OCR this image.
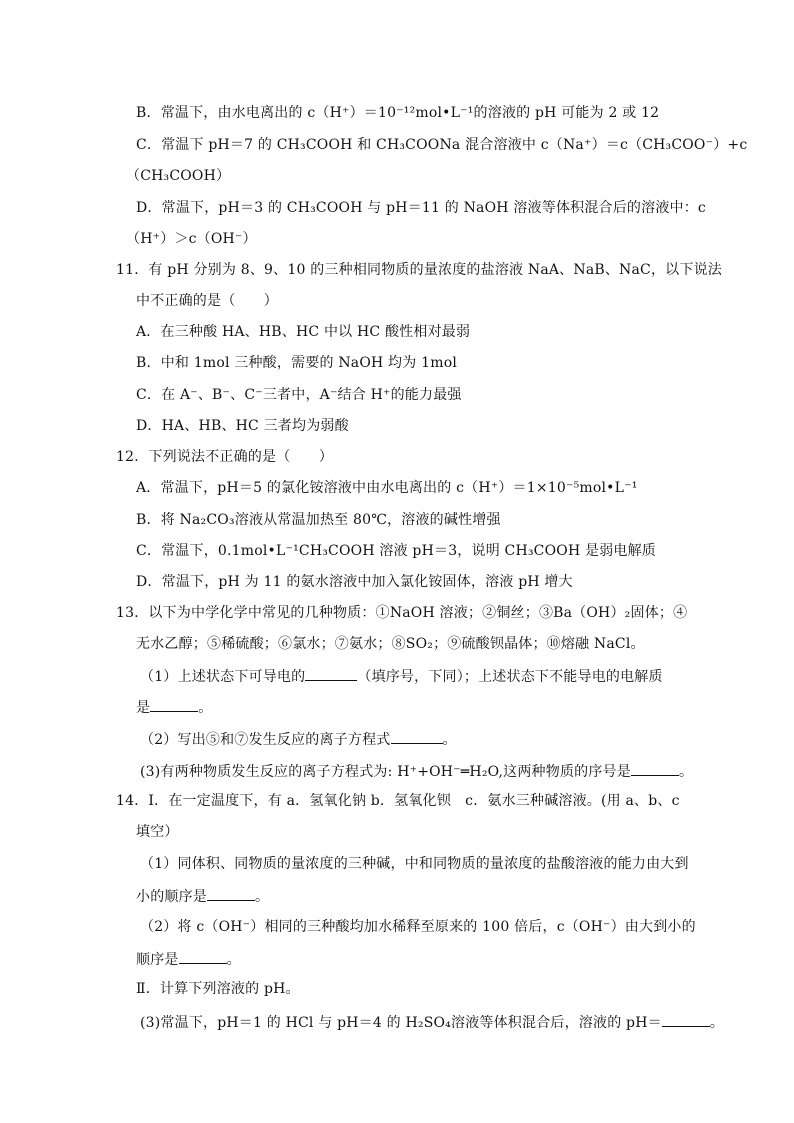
B．常温下，由水电离出的 c（H⁺）＝10⁻¹²mol•L⁻¹的溶液的 pH 可能为 2 或 12
C．常温下 pH＝7 的 CH₃COOH 和 CH₃COONa 混合溶液中 c（Na⁺）＝c（CH₃COO⁻）+c
（CH₃COOH）
D．常温下，pH＝3 的 CH₃COOH 与 pH＝11 的 NaOH 溶液等体积混合后的溶液中：c
（H⁺）＞c（OH⁻）
11．有 pH 分别为 8、9、10 的三种相同物质的量浓度的盐溶液 NaA、NaB、NaC，以下说法
中不正确的是（　　）
A．在三种酸 HA、HB、HC 中以 HC 酸性相对最弱
B．中和 1mol 三种酸，需要的 NaOH 均为 1mol
C．在 A⁻、B⁻、C⁻三者中，A⁻结合 H⁺的能力最强
D．HA、HB、HC 三者均为弱酸
12．下列说法不正确的是（　　）
A．常温下，pH＝5 的氯化铵溶液中由水电离出的 c（H⁺）＝1×10⁻⁵mol•L⁻¹
B．将 Na₂CO₃溶液从常温加热至 80℃，溶液的碱性增强
C．常温下，0.1mol•L⁻¹CH₃COOH 溶液 pH＝3，说明 CH₃COOH 是弱电解质
D．常温下，pH 为 11 的氨水溶液中加入氯化铵固体，溶液 pH 增大
13．以下为中学化学中常见的几种物质：①NaOH 溶液；②铜丝；③Ba（OH）₂固体；④
无水乙醇；⑤稀硫酸；⑥氯水；⑦氨水；⑧SO₂；⑨硫酸钡晶体；⑩熔融 NaCl。
（1）上述状态下可导电的	（填序号，下同）；上述状态下不能导电的电解质
是	。
（2）写出⑤和⑦发生反应的离子方程式	。
(3)有两种物质发生反应的离子方程式为: H⁺+OH⁻═H₂O,这两种物质的序号是	。
14．Ⅰ．在一定温度下，有 a．氢氧化钠 b．氢氧化钡　c．氨水三种碱溶液。(用 a、b、c
填空）
（1）同体积、同物质的量浓度的三种碱，中和同物质的量浓度的盐酸溶液的能力由大到
小的顺序是	。
（2）将 c（OH⁻）相同的三种酸均加水稀释至原来的 100 倍后，c（OH⁻）由大到小的
顺序是	。
Ⅱ．计算下列溶液的 pH。
(3)常温下，pH＝1 的 HCl 与 pH＝4 的 H₂SO₄溶液等体积混合后，溶液的 pH＝	。
